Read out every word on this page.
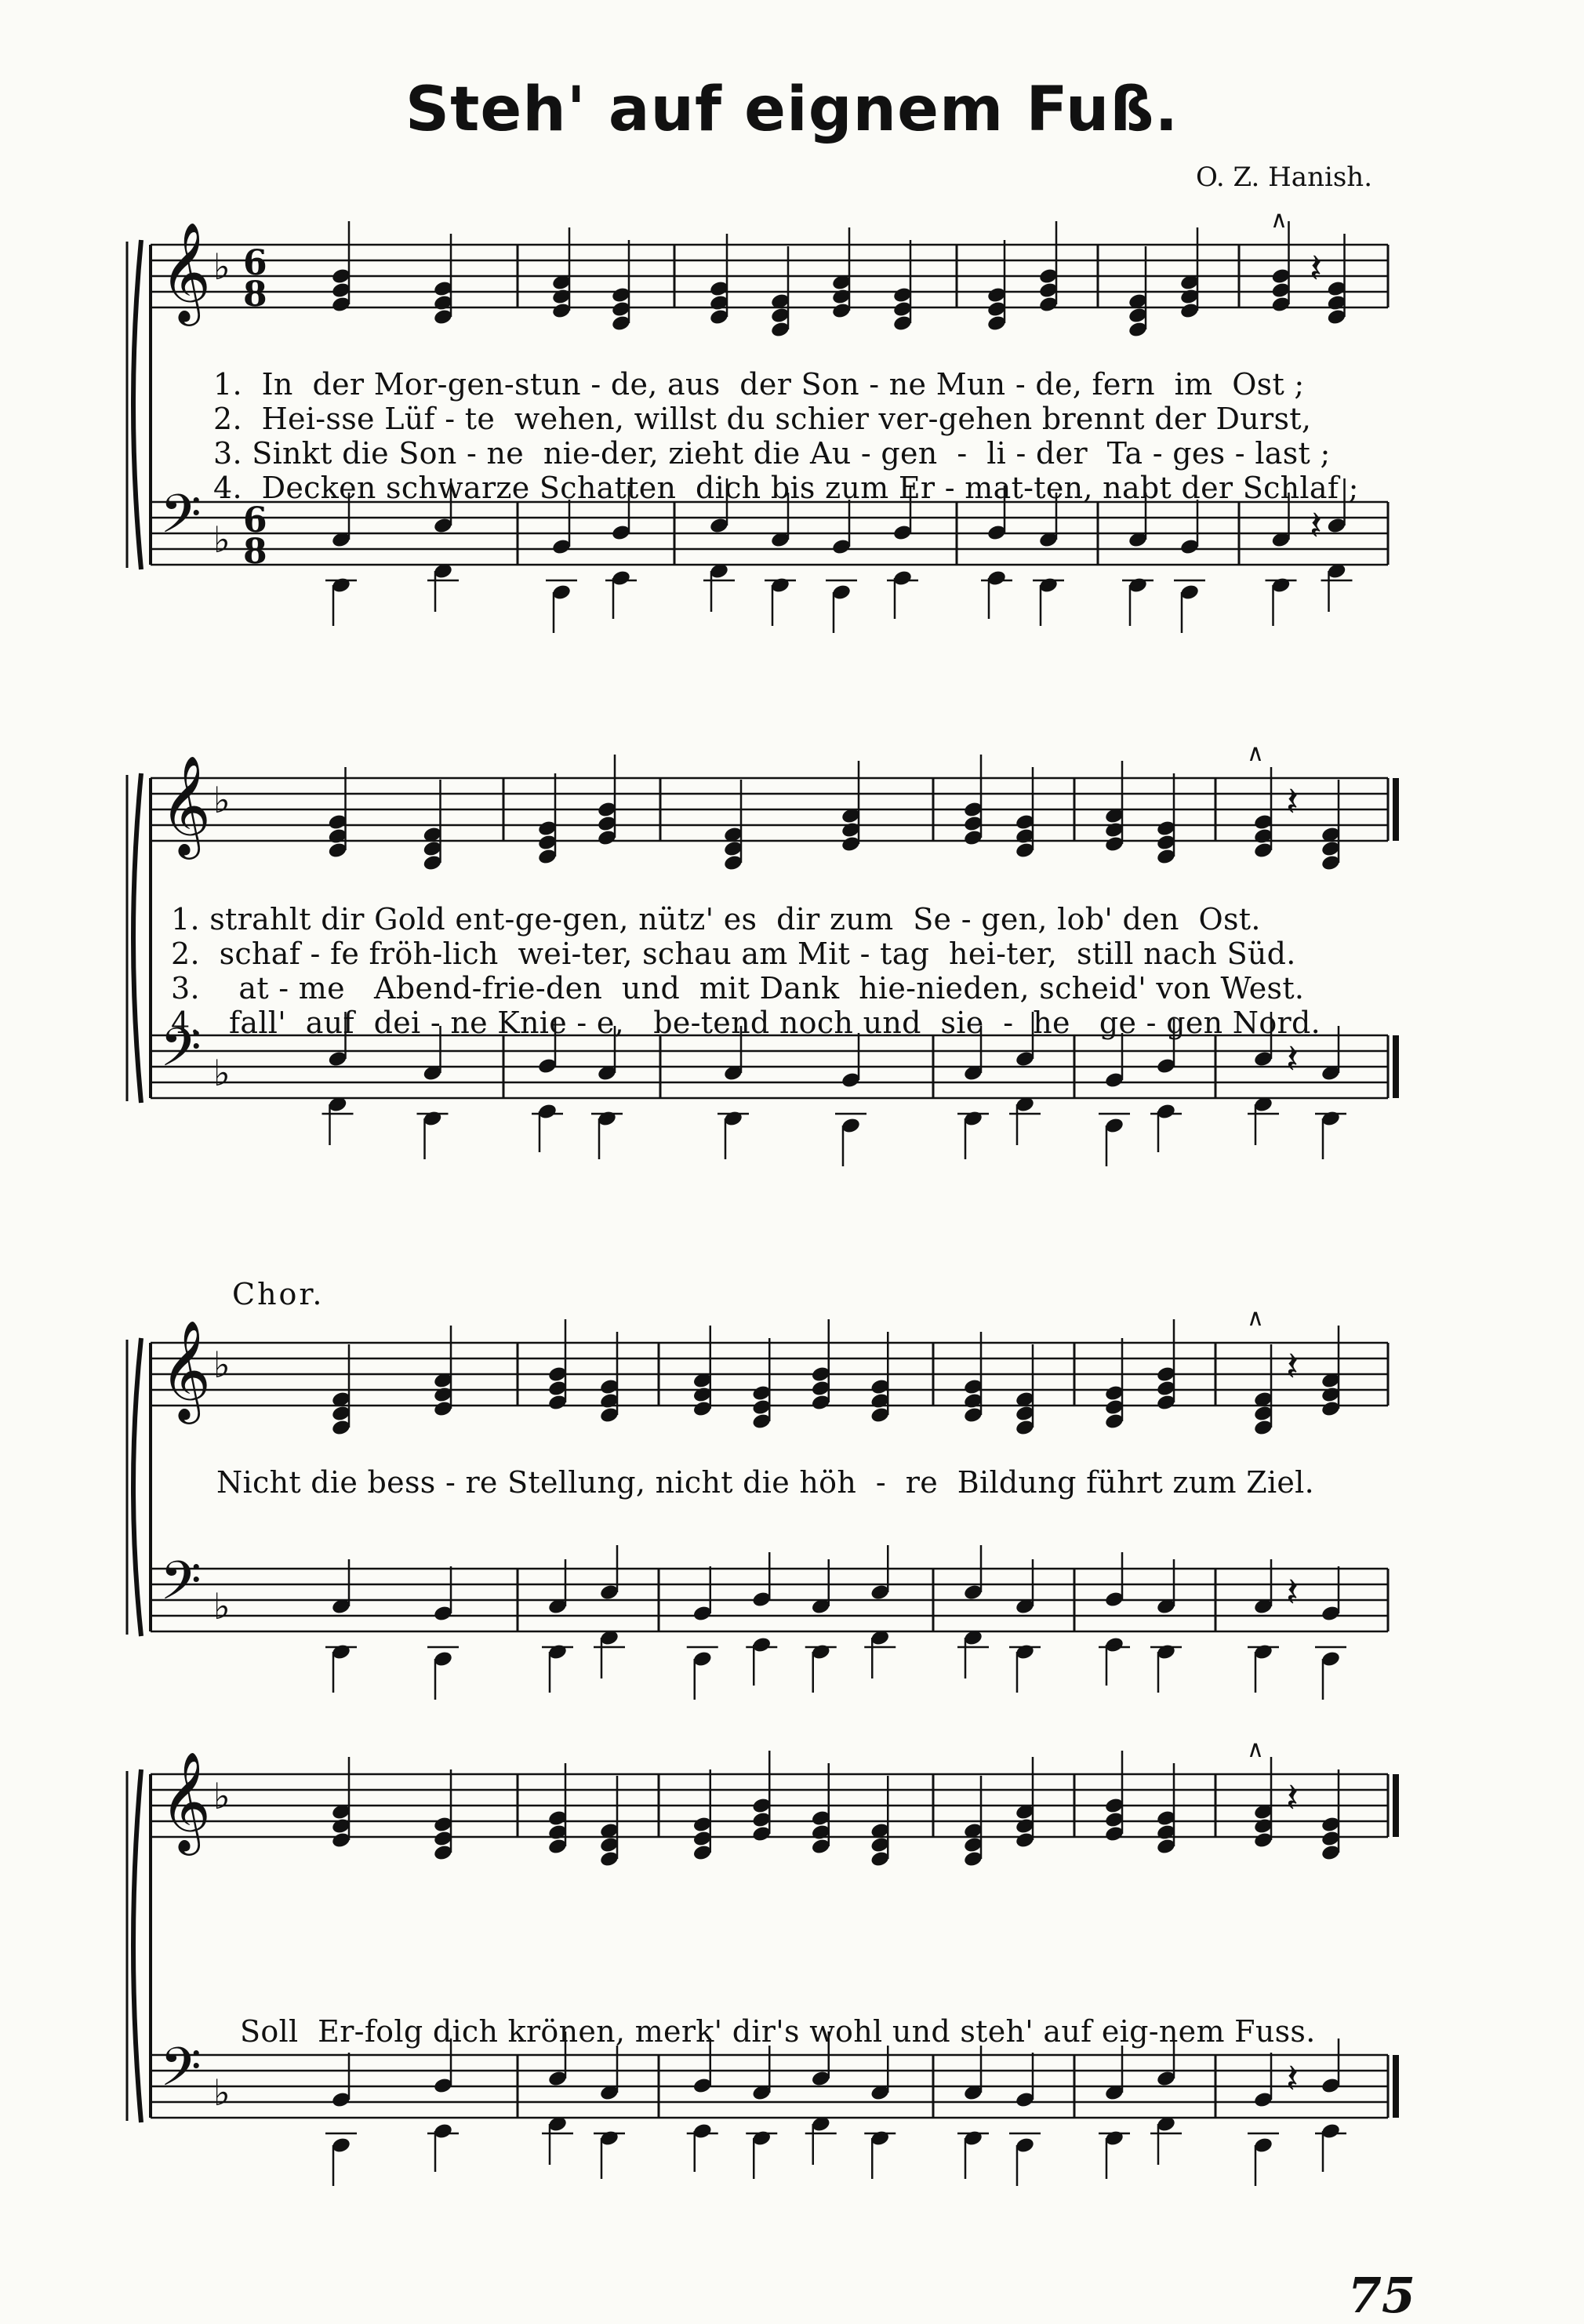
Steh' auf eignem Fuß.
O. Z. Hanish.
𝄞 ♭ 6
8
𝄢 ♭ 6
8
∧
𝄽
𝄽
𝄞 ♭
𝄢 ♭
∧
𝄽
𝄽
𝄞 ♭
𝄢 ♭
∧
𝄽
𝄽
𝄞 ♭
𝄢 ♭
∧
𝄽
𝄽
1.  In  der Mor-gen-stun - de, aus  der Son - ne Mun - de, fern  im  Ost ;
2.  Hei-sse Lüf - te  wehen, willst du schier ver-gehen brennt der Durst,
3. Sinkt die Son - ne  nie-der, zieht die Au - gen  -  li - der  Ta - ges - last ;
4.  Decken schwarze Schatten  dich bis zum Er - mat-ten, nabt der Schlaf ;
1. strahlt dir Gold ent-ge-gen, nütz' es  dir zum  Se - gen, lob' den  Ost.
2.  schaf - fe fröh-lich  wei-ter, schau am Mit - tag  hei-ter,  still nach Süd.
3.    at - me   Abend-frie-den  und  mit Dank  hie-nieden, scheid' von West.
4.   fall'  auf  dei - ne Knie - e,   be-tend noch und  sie  -  he   ge - gen Nord.
Chor.
Nicht die bess - re Stellung, nicht die höh  -  re  Bildung führt zum Ziel.
Soll  Er-folg dich krönen, merk' dir's wohl und steh' auf eig-nem Fuss.
75
